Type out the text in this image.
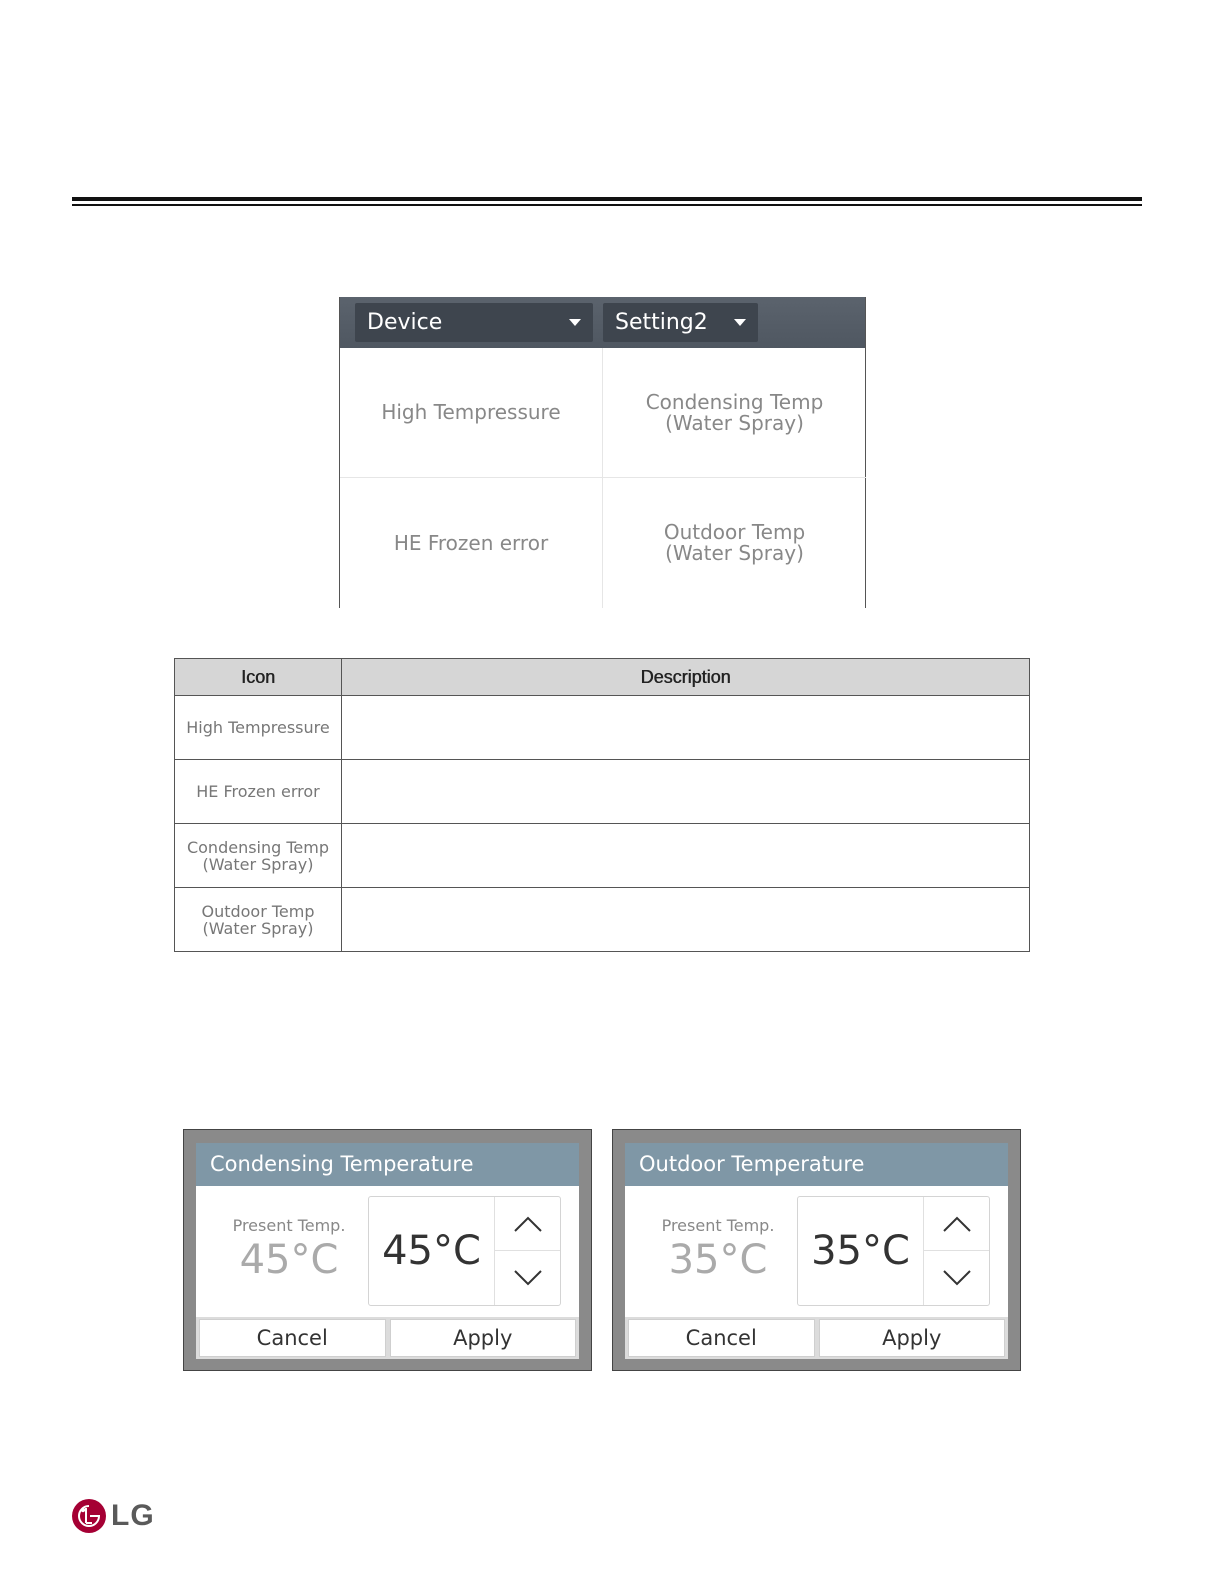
Device	Setting2
High Tempressure	Condensing Temp
(Water Spray)
HE Frozen error	Outdoor Temp
(Water Spray)
Icon	Description

High Tempressure	

HE Frozen error	

Condensing Temp
(Water Spray)	

Outdoor Temp
(Water Spray)	

Condensing Temperature
Present Temp.
45°C	45°C
Cancel	Apply
Outdoor Temperature
Present Temp.
35°C	35°C
Cancel	Apply
LG
